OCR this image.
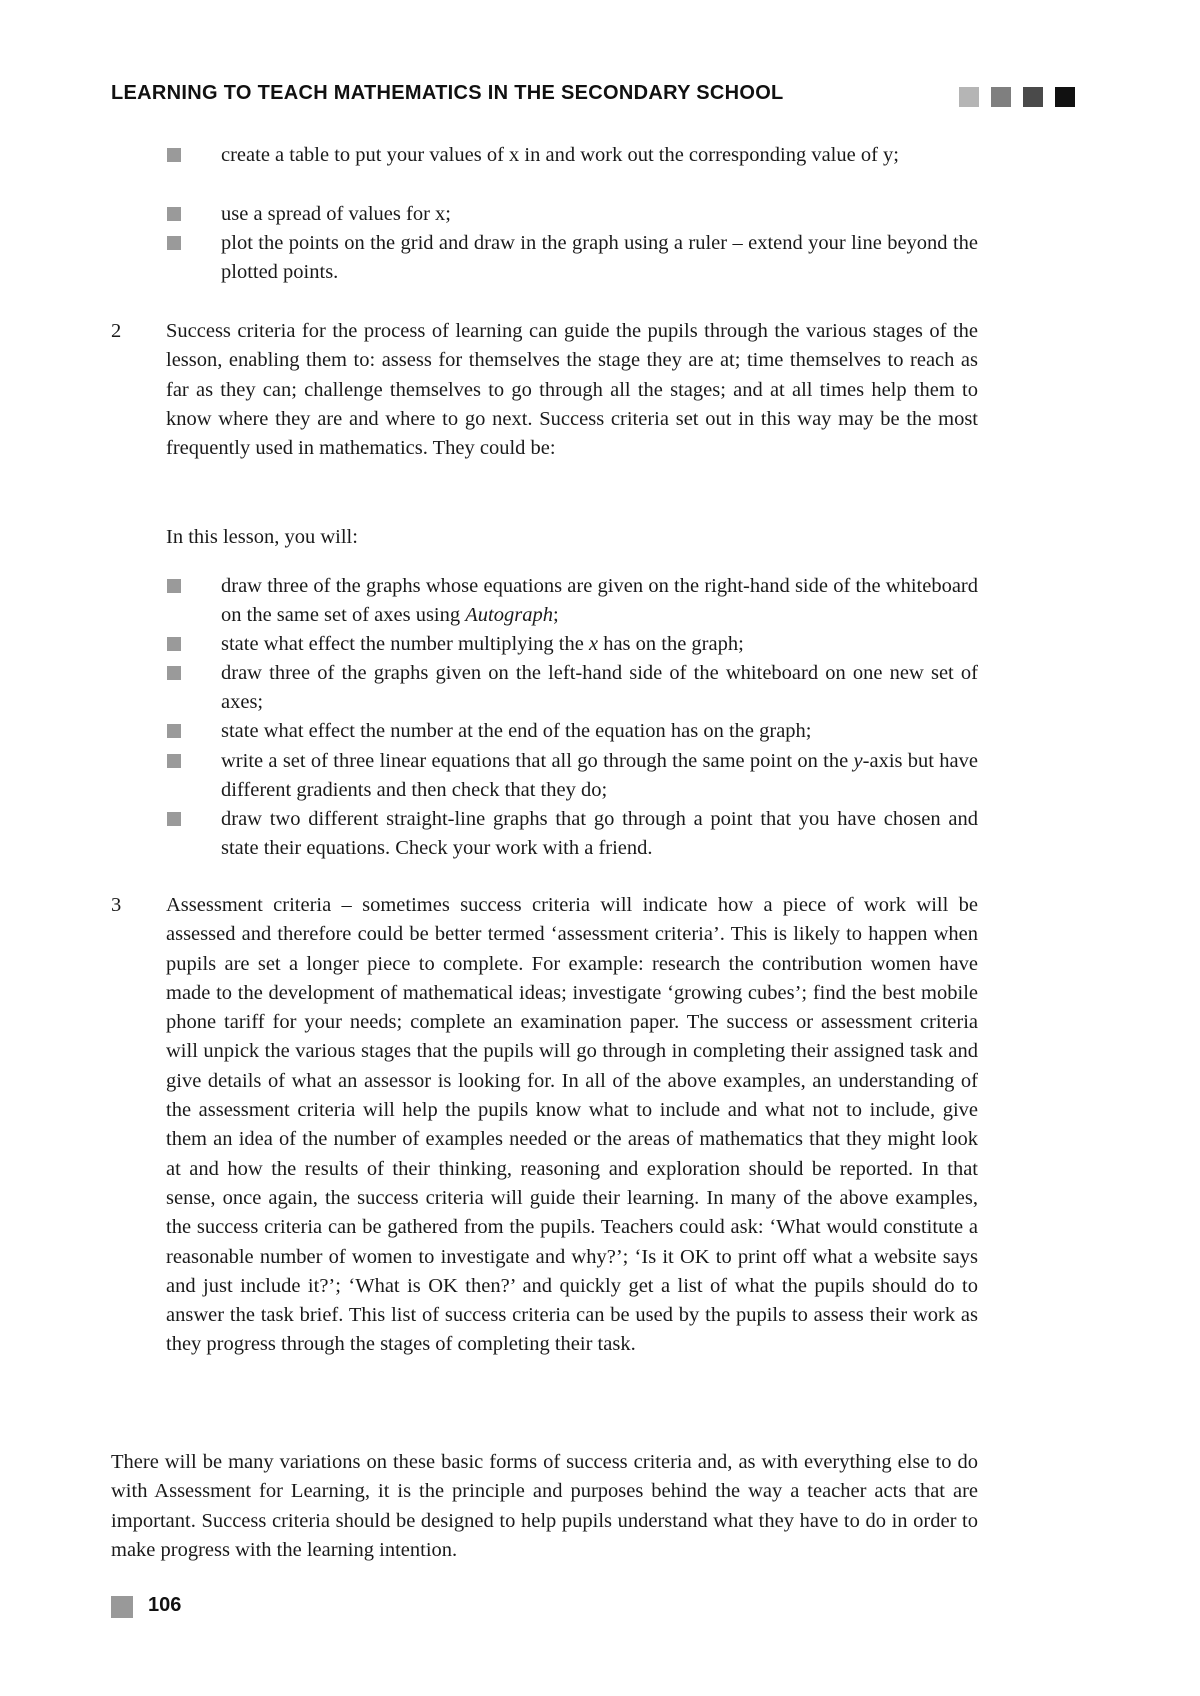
LEARNING TO TEACH MATHEMATICS IN THE SECONDARY SCHOOL
create a table to put your values of x in and work out the corresponding value of y;
use a spread of values for x;
plot the points on the grid and draw in the graph using a ruler – extend your line beyond the plotted points.
2 Success criteria for the process of learning can guide the pupils through the various stages of the lesson, enabling them to: assess for themselves the stage they are at; time themselves to reach as far as they can; challenge themselves to go through all the stages; and at all times help them to know where they are and where to go next. Success criteria set out in this way may be the most frequently used in mathematics. They could be:
In this lesson, you will:
draw three of the graphs whose equations are given on the right-hand side of the whiteboard on the same set of axes using Autograph;
state what effect the number multiplying the x has on the graph;
draw three of the graphs given on the left-hand side of the whiteboard on one new set of axes;
state what effect the number at the end of the equation has on the graph;
write a set of three linear equations that all go through the same point on the y-axis but have different gradients and then check that they do;
draw two different straight-line graphs that go through a point that you have chosen and state their equations. Check your work with a friend.
3 Assessment criteria – sometimes success criteria will indicate how a piece of work will be assessed and therefore could be better termed ‘assessment criteria’. This is likely to happen when pupils are set a longer piece to complete. For example: research the contribution women have made to the development of mathematical ideas; investigate ‘growing cubes’; find the best mobile phone tariff for your needs; complete an examination paper. The success or assessment criteria will unpick the various stages that the pupils will go through in completing their assigned task and give details of what an assessor is looking for. In all of the above examples, an understanding of the assessment criteria will help the pupils know what to include and what not to include, give them an idea of the number of examples needed or the areas of mathematics that they might look at and how the results of their thinking, reasoning and exploration should be reported. In that sense, once again, the success criteria will guide their learning. In many of the above examples, the success criteria can be gathered from the pupils. Teachers could ask: ‘What would constitute a reasonable number of women to investigate and why?’; ‘Is it OK to print off what a website says and just include it?’; ‘What is OK then?’ and quickly get a list of what the pupils should do to answer the task brief. This list of success criteria can be used by the pupils to assess their work as they progress through the stages of completing their task.
There will be many variations on these basic forms of success criteria and, as with everything else to do with Assessment for Learning, it is the principle and purposes behind the way a teacher acts that are important. Success criteria should be designed to help pupils understand what they have to do in order to make progress with the learning intention.
106
